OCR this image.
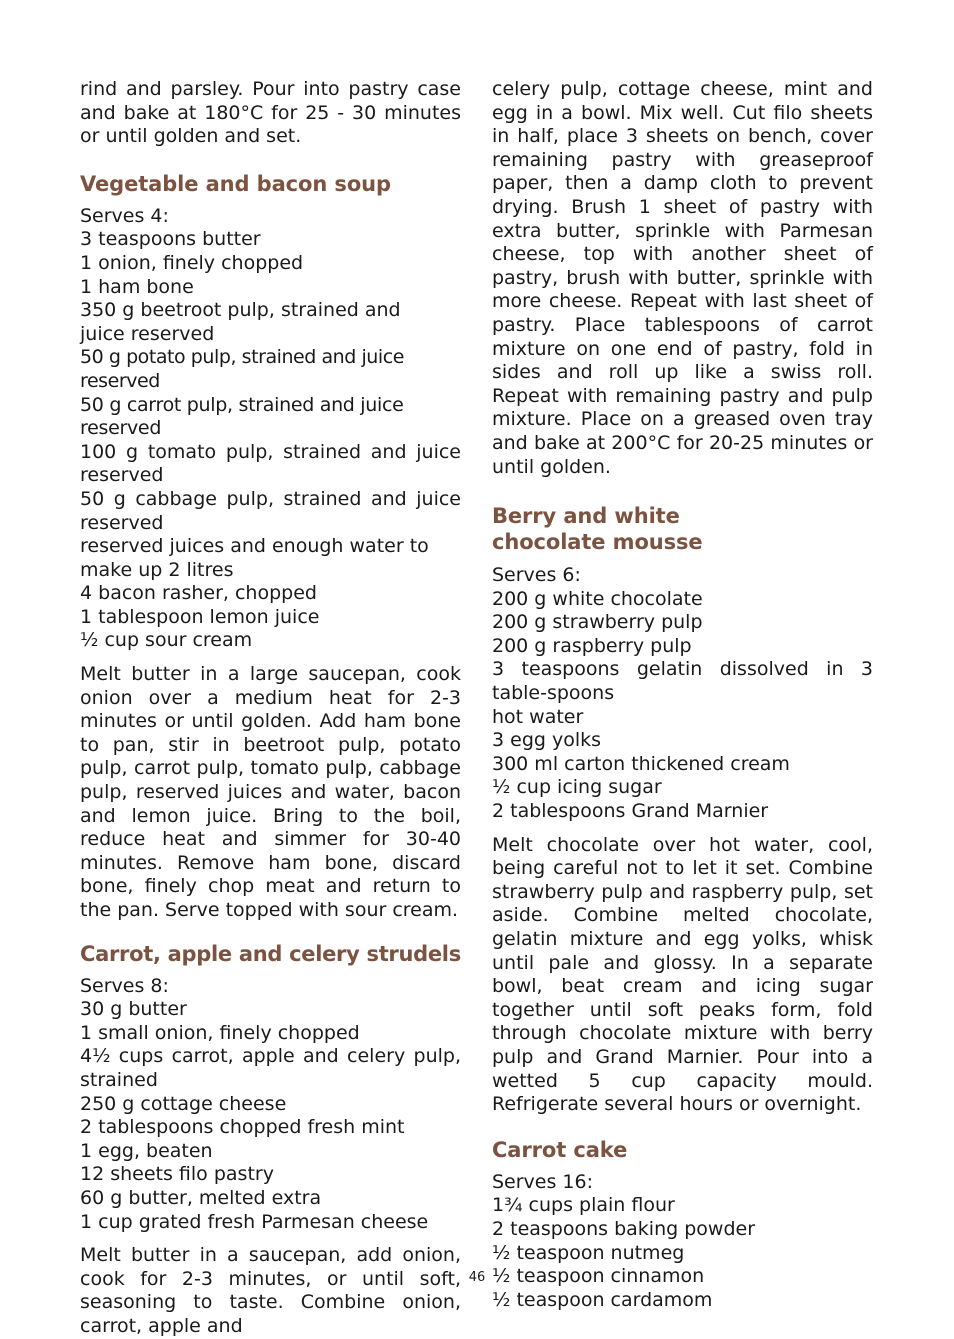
rind and parsley. Pour into pastry case and bake at 180°C for 25 - 30 minutes or until golden and set.

Vegetable and bacon soup

Serves 4:

3 teaspoons butter
1 onion, finely chopped
1 ham bone
350 g beetroot pulp, strained and
juice reserved
50 g potato pulp, strained and juice reserved
50 g carrot pulp, strained and juice reserved
100 g tomato pulp, strained and juice reserved
50 g cabbage pulp, strained and juice reserved
reserved juices and enough water to
make up 2 litres
4 bacon rasher, chopped
1 tablespoon lemon juice
½ cup sour cream

Melt butter in a large saucepan, cook onion over a medium heat for 2-3 minutes or until golden. Add ham bone to pan, stir in beetroot pulp, potato pulp, carrot pulp, tomato pulp, cabbage pulp, reserved juices and water, bacon and lemon juice. Bring to the boil, reduce heat and simmer for 30-40 minutes. Remove ham bone, discard bone, finely chop meat and return to the pan. Serve topped with sour cream.

Carrot, apple and celery strudels

Serves 8:

30 g butter
1 small onion, finely chopped
4½ cups carrot, apple and celery pulp, strained
250 g cottage cheese
2 tablespoons chopped fresh mint
1 egg, beaten
12 sheets filo pastry
60 g butter, melted extra
1 cup grated fresh Parmesan cheese

Melt butter in a saucepan, add onion, cook for 2-3 minutes, or until soft, seasoning to taste. Combine onion, carrot, apple and

celery pulp, cottage cheese, mint and egg in a bowl. Mix well. Cut filo sheets in half, place 3 sheets on bench, cover remaining pastry with greaseproof paper, then a damp cloth to prevent drying. Brush 1 sheet of pastry with extra butter, sprinkle with Parmesan cheese, top with another sheet of pastry, brush with butter, sprinkle with more cheese. Repeat with last sheet of pastry. Place tablespoons of carrot mixture on one end of pastry, fold in sides and roll up like a swiss roll. Repeat with remaining pastry and pulp mixture. Place on a greased oven tray and bake at 200°C for 20-25 minutes or until golden.

Berry and white
chocolate mousse

Serves 6:

200 g white chocolate
200 g strawberry pulp
200 g raspberry pulp
3 teaspoons gelatin dissolved in 3 table-spoons
hot water
3 egg yolks
300 ml carton thickened cream
½ cup icing sugar
2 tablespoons Grand Marnier

Melt chocolate over hot water, cool, being careful not to let it set. Combine strawberry pulp and raspberry pulp, set aside. Combine melted chocolate, gelatin mixture and egg yolks, whisk until pale and glossy. In a separate bowl, beat cream and icing sugar together until soft peaks form, fold through chocolate mixture with berry pulp and Grand Marnier. Pour into a wetted 5 cup capacity mould. Refrigerate several hours or overnight.

Carrot cake

Serves 16:

1¾ cups plain flour
2 teaspoons baking powder
½ teaspoon nutmeg
½ teaspoon cinnamon
½ teaspoon cardamom
46
